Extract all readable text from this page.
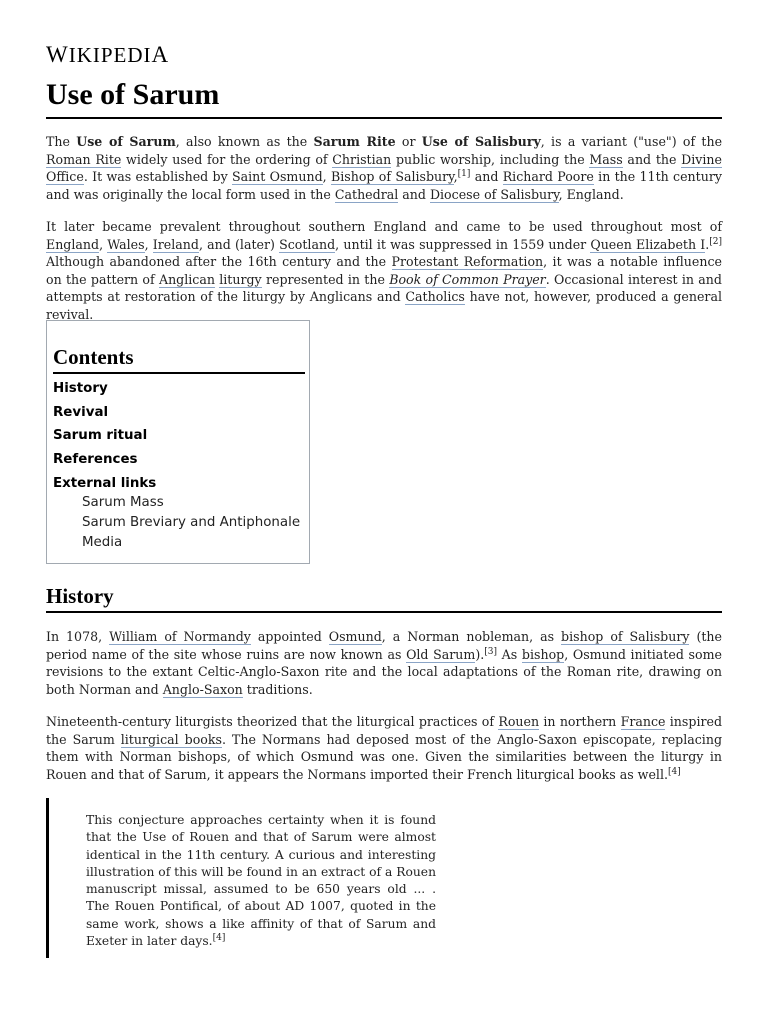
WIKIPEDIA
Use of Sarum

The Use of Sarum, also known as the Sarum Rite or Use of Salisbury, is a variant ("use") of the Roman Rite widely used for the ordering of Christian public worship, including the Mass and the Divine Office. It was established by Saint Osmund, Bishop of Salisbury,[1] and Richard Poore in the 11th century and was originally the local form used in the Cathedral and Diocese of Salisbury, England.

It later became prevalent throughout southern England and came to be used throughout most of England, Wales, Ireland, and (later) Scotland, until it was suppressed in 1559 under Queen Elizabeth I.[2] Although abandoned after the 16th century and the Protestant Reformation, it was a notable influence on the pattern of Anglican liturgy represented in the Book of Common Prayer. Occasional interest in and attempts at restoration of the liturgy by Anglicans and Catholics have not, however, produced a general revival.

Contents
History
Revival
Sarum ritual
References
External links
Sarum Mass
Sarum Breviary and Antiphonale
Media
History

In 1078, William of Normandy appointed Osmund, a Norman nobleman, as bishop of Salisbury (the period name of the site whose ruins are now known as Old Sarum).[3] As bishop, Osmund initiated some revisions to the extant Celtic-Anglo-Saxon rite and the local adaptations of the Roman rite, drawing on both Norman and Anglo-Saxon traditions.

Nineteenth-century liturgists theorized that the liturgical practices of Rouen in northern France inspired the Sarum liturgical books. The Normans had deposed most of the Anglo-Saxon episcopate, replacing them with Norman bishops, of which Osmund was one. Given the similarities between the liturgy in Rouen and that of Sarum, it appears the Normans imported their French liturgical books as well.[4]

This conjecture approaches certainty when it is found that the Use of Rouen and that of Sarum were almost identical in the 11th century. A curious and interesting illustration of this will be found in an extract of a Rouen manuscript missal, assumed to be 650 years old ... . The Rouen Pontifical, of about AD 1007, quoted in the same work, shows a like affinity of that of Sarum and Exeter in later days.[4]
